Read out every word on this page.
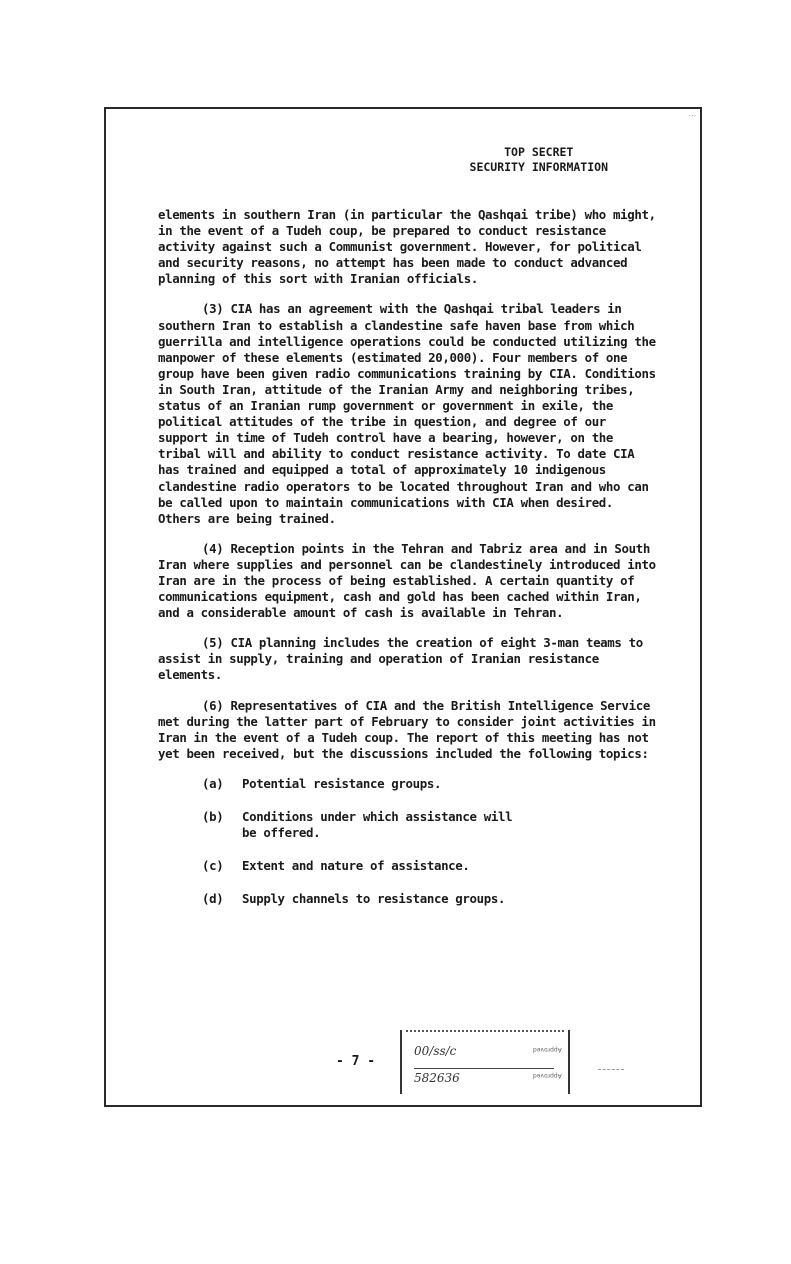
...
TOP SECRET
SECURITY INFORMATION

elements in southern Iran (in particular the Qashqai tribe) who might, in the event of a Tudeh coup, be prepared to conduct resistance activity against such a Communist government. However, for political and security reasons, no attempt has been made to conduct advanced planning of this sort with Iranian officials.

(3) CIA has an agreement with the Qashqai tribal leaders in southern Iran to establish a clandestine safe haven base from which guerrilla and intelligence operations could be conducted utilizing the manpower of these elements (estimated 20,000). Four members of one group have been given radio communications training by CIA. Conditions in South Iran, attitude of the Iranian Army and neighboring tribes, status of an Iranian rump government or government in exile, the political attitudes of the tribe in question, and degree of our support in time of Tudeh control have a bearing, however, on the tribal will and ability to conduct resistance activity. To date CIA has trained and equipped a total of approximately 10 indigenous clandestine radio operators to be located throughout Iran and who can be called upon to maintain communications with CIA when desired. Others are being trained.

(4) Reception points in the Tehran and Tabriz area and in South Iran where supplies and personnel can be clandestinely introduced into Iran are in the process of being established. A certain quantity of communications equipment, cash and gold has been cached within Iran, and a considerable amount of cash is available in Tehran.

(5) CIA planning includes the creation of eight 3-man teams to assist in supply, training and operation of Iranian resistance elements.

(6) Representatives of CIA and the British Intelligence Service met during the latter part of February to consider joint activities in Iran in the event of a Tudeh coup. The report of this meeting has not yet been received, but the discussions included the following topics:

(a)	Potential resistance groups.
(b)	Conditions under which assistance will be offered.
(c)	Extent and nature of assistance.
(d)	Supply channels to resistance groups.
- 7 -
00/ss/c
582636
Approved
Approved
